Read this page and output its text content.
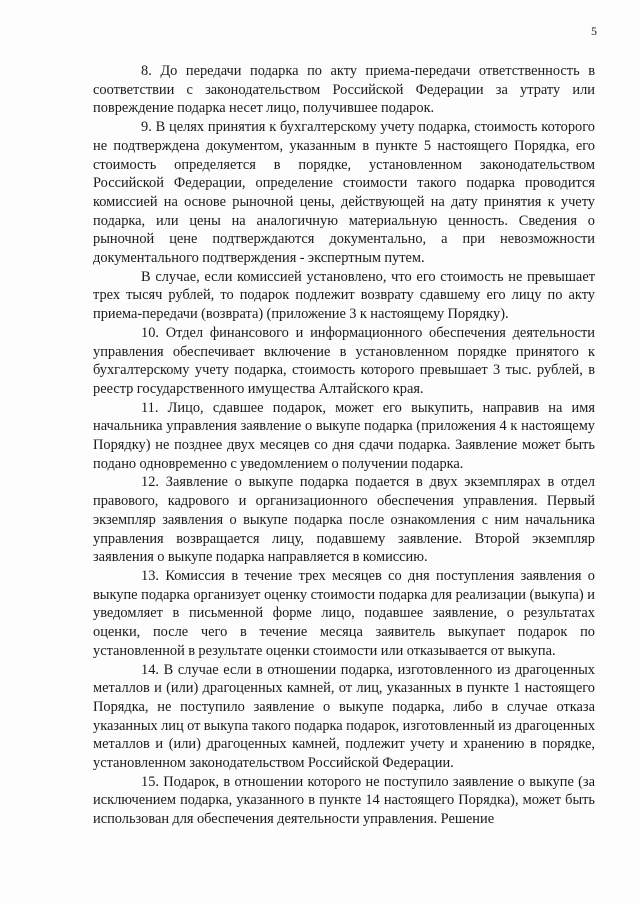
5

8. До передачи подарка по акту приема-передачи ответственность в соответствии с законодательством Российской Федерации за утрату или повреждение подарка несет лицо, получившее подарок.

9. В целях принятия к бухгалтерскому учету подарка, стоимость которого не подтверждена документом, указанным в пункте 5 настоящего Порядка, его стоимость определяется в порядке, установленном законодательством Российской Федерации, определение стоимости такого подарка проводится комиссией на основе рыночной цены, действующей на дату принятия к учету подарка, или цены на аналогичную материальную ценность. Сведения о рыночной цене подтверждаются документально, а при невозможности документального подтверждения - экспертным путем.

В случае, если комиссией установлено, что его стоимость не превышает трех тысяч рублей, то подарок подлежит возврату сдавшему его лицу по акту приема-передачи (возврата) (приложение 3 к настоящему Порядку).

10. Отдел финансового и информационного обеспечения деятельности управления обеспечивает включение в установленном порядке принятого к бухгалтерскому учету подарка, стоимость которого превышает 3 тыс. рублей, в реестр государственного имущества Алтайского края.

11. Лицо, сдавшее подарок, может его выкупить, направив на имя начальника управления заявление о выкупе подарка (приложения 4 к настоящему Порядку) не позднее двух месяцев со дня сдачи подарка. Заявление может быть подано одновременно с уведомлением о получении подарка.

12. Заявление о выкупе подарка подается в двух экземплярах в отдел правового, кадрового и организационного обеспечения управления. Первый экземпляр заявления о выкупе подарка после ознакомления с ним начальника управления возвращается лицу, подавшему заявление. Второй экземпляр заявления о выкупе подарка направляется в комиссию.

13. Комиссия в течение трех месяцев со дня поступления заявления о выкупе подарка организует оценку стоимости подарка для реализации (выкупа) и уведомляет в письменной форме лицо, подавшее заявление, о результатах оценки, после чего в течение месяца заявитель выкупает подарок по установленной в результате оценки стоимости или отказывается от выкупа.

14. В случае если в отношении подарка, изготовленного из драгоценных металлов и (или) драгоценных камней, от лиц, указанных в пункте 1 настоящего Порядка, не поступило заявление о выкупе подарка, либо в случае отказа указанных лиц от выкупа такого подарка подарок, изготовленный из драгоценных металлов и (или) драгоценных камней, подлежит учету и хранению в порядке, установленном законодательством Российской Федерации.

15. Подарок, в отношении которого не поступило заявление о выкупе (за исключением подарка, указанного в пункте 14 настоящего Порядка), может быть использован для обеспечения деятельности управления. Решение
